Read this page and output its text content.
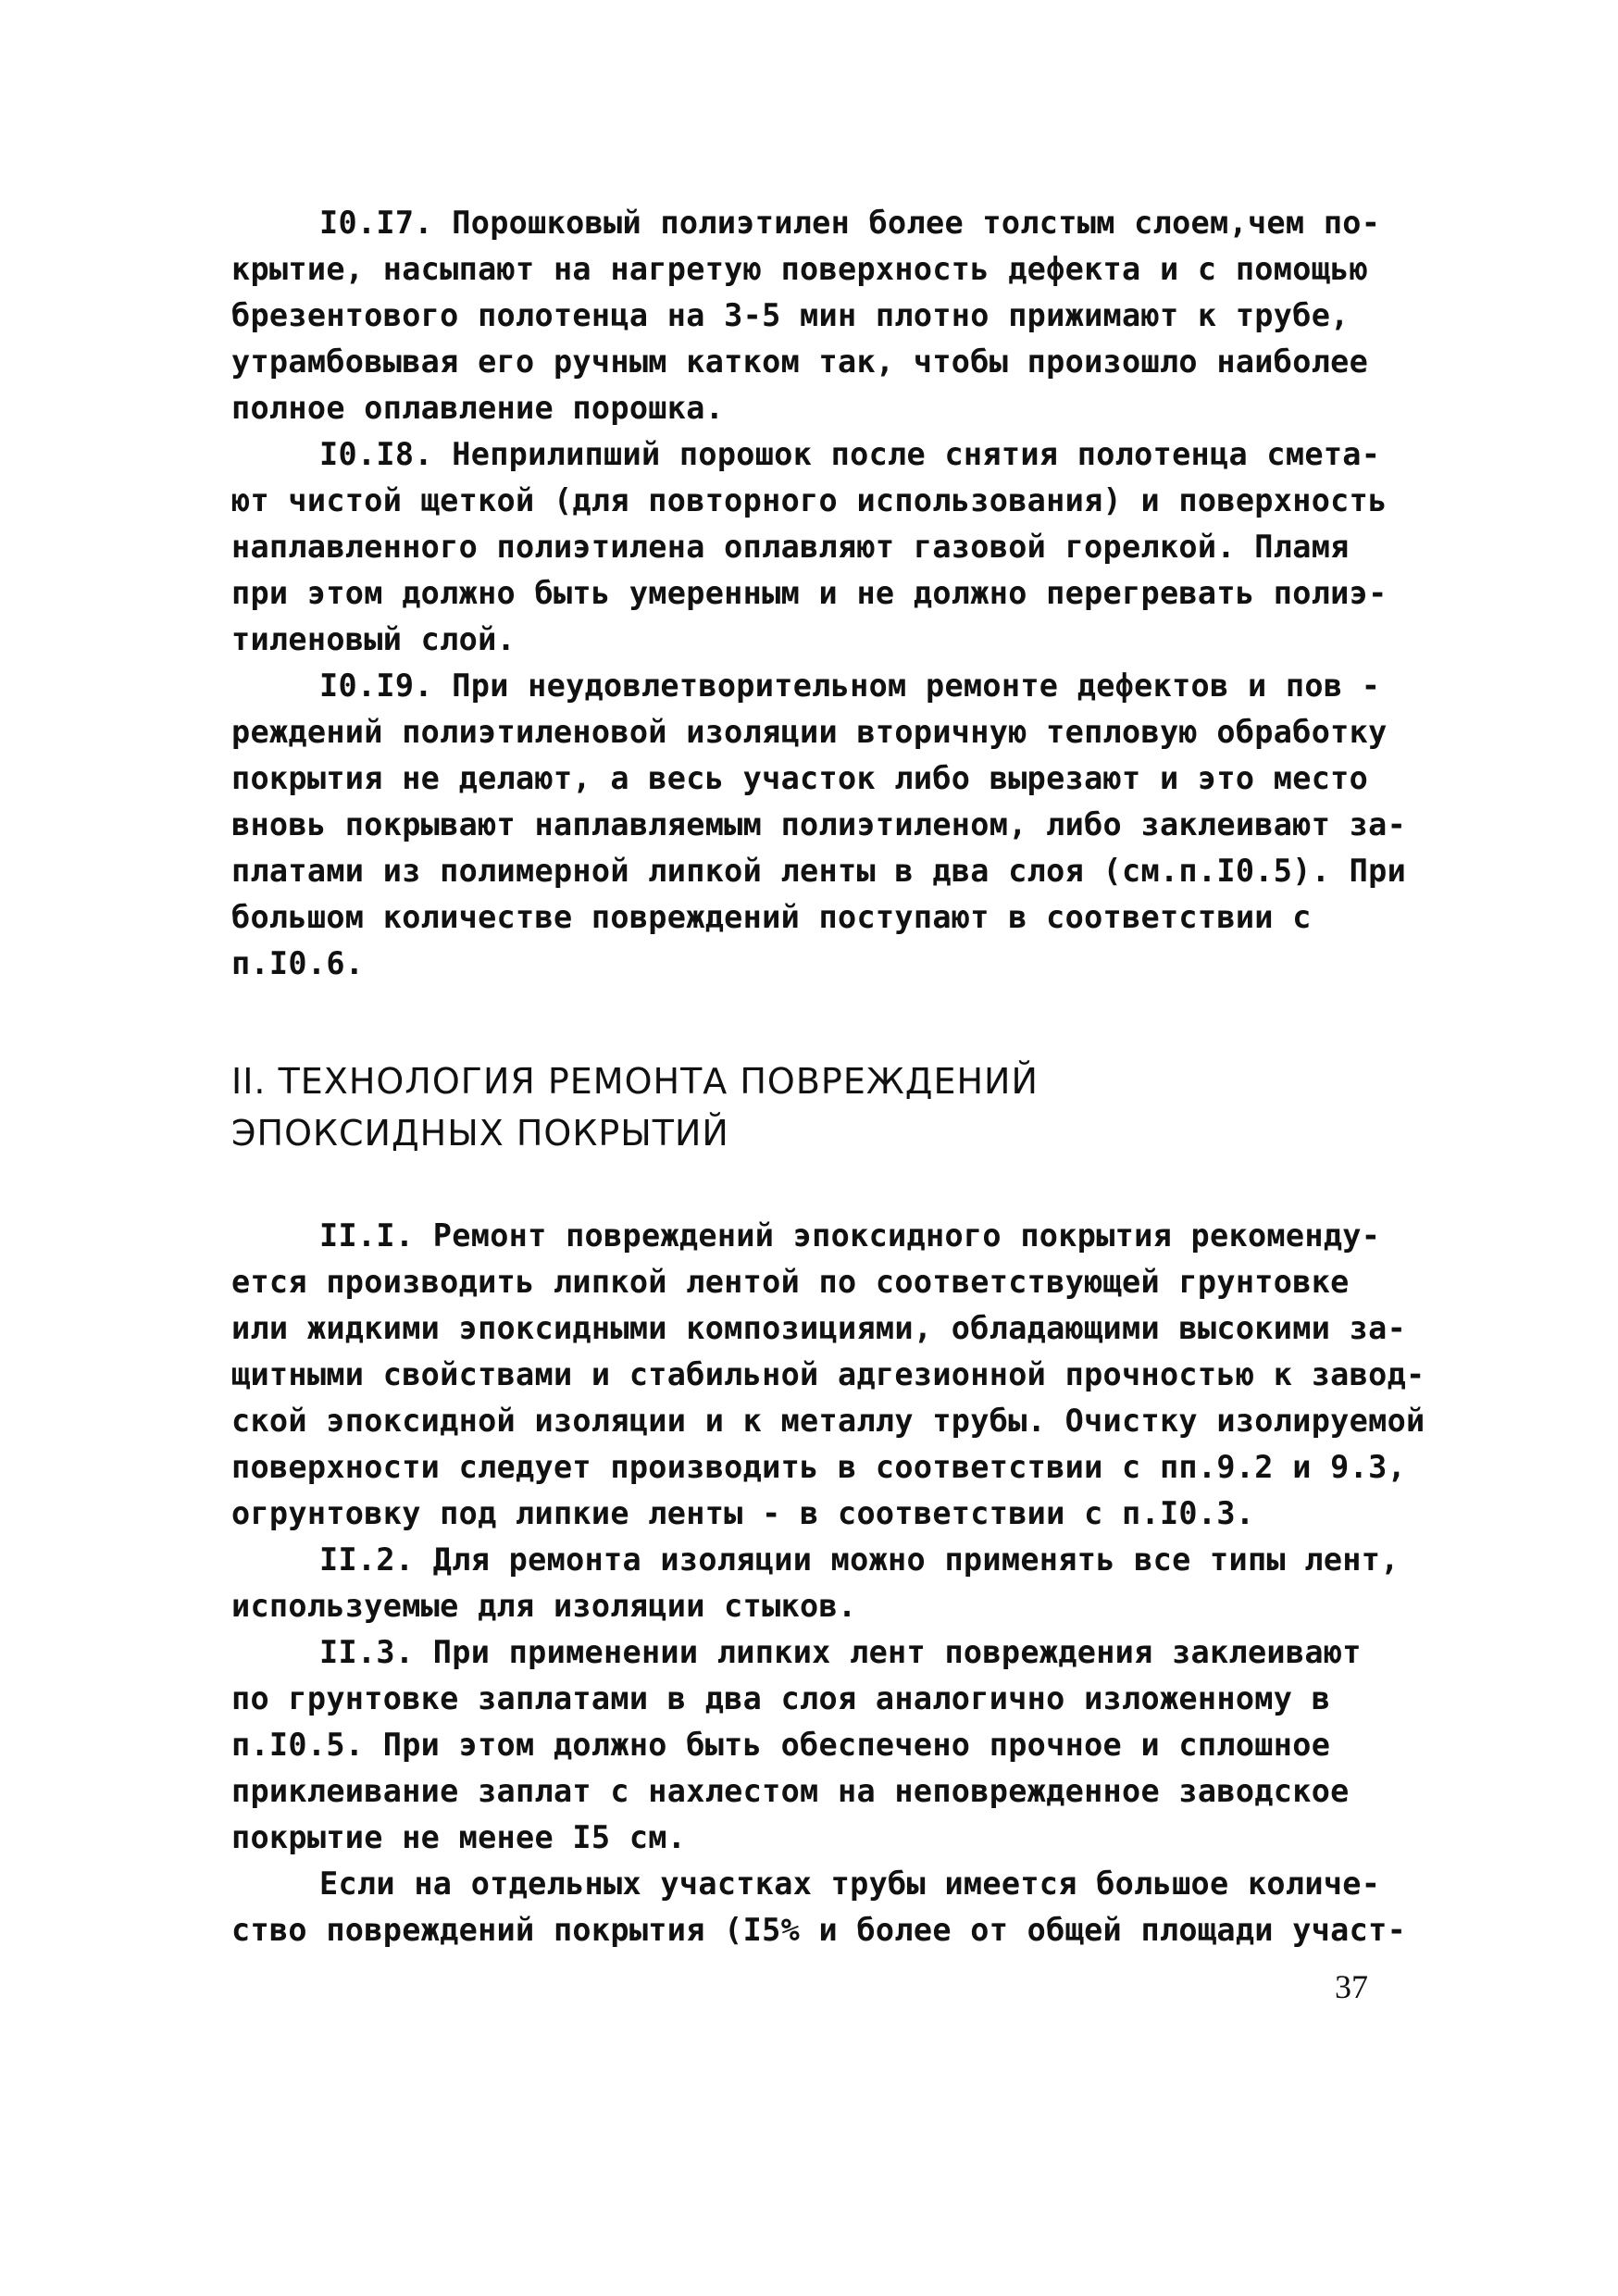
I0.I7. Порошковый полиэтилен более толстым слоем,чем по-
крытие, насыпают на нагретую поверхность дефекта и с помощью
брезентового полотенца на 3-5 мин плотно прижимают к трубе,
утрамбовывая его ручным катком так, чтобы произошло наиболее
полное оплавление порошка.
I0.I8. Неприлипший порошок после снятия полотенца смета-
ют чистой щеткой (для повторного использования) и поверхность
наплавленного полиэтилена оплавляют газовой горелкой. Пламя
при этом должно быть умеренным и не должно перегревать полиэ-
тиленовый слой.
I0.I9. При неудовлетворительном ремонте дефектов и пов -
реждений полиэтиленовой изоляции вторичную тепловую обработку
покрытия не делают, а весь участок либо вырезают и это место
вновь покрывают наплавляемым полиэтиленом, либо заклеивают за-
платами из полимерной липкой ленты в два слоя (см.п.I0.5). При
большом количестве повреждений поступают в соответствии с
п.I0.6.
II. ТЕХНОЛОГИЯ РЕМОНТА ПОВРЕЖДЕНИЙ
ЭПОКСИДНЫХ ПОКРЫТИЙ
II.I. Ремонт повреждений эпоксидного покрытия рекоменду-
ется производить липкой лентой по соответствующей грунтовке
или жидкими эпоксидными композициями, обладающими высокими за-
щитными свойствами и стабильной адгезионной прочностью к завод-
ской эпоксидной изоляции и к металлу трубы. Очистку изолируемой
поверхности следует производить в соответствии с пп.9.2 и 9.3,
огрунтовку под липкие ленты - в соответствии с п.I0.3.
II.2. Для ремонта изоляции можно применять все типы лент,
используемые для изоляции стыков.
II.3. При применении липких лент повреждения заклеивают
по грунтовке заплатами в два слоя аналогично изложенному в
п.I0.5. При этом должно быть обеспечено прочное и сплошное
приклеивание заплат с нахлестом на неповрежденное заводское
покрытие не менее I5 см.
Если на отдельных участках трубы имеется большое количе-
ство повреждений покрытия (I5% и более от общей площади участ-
37
